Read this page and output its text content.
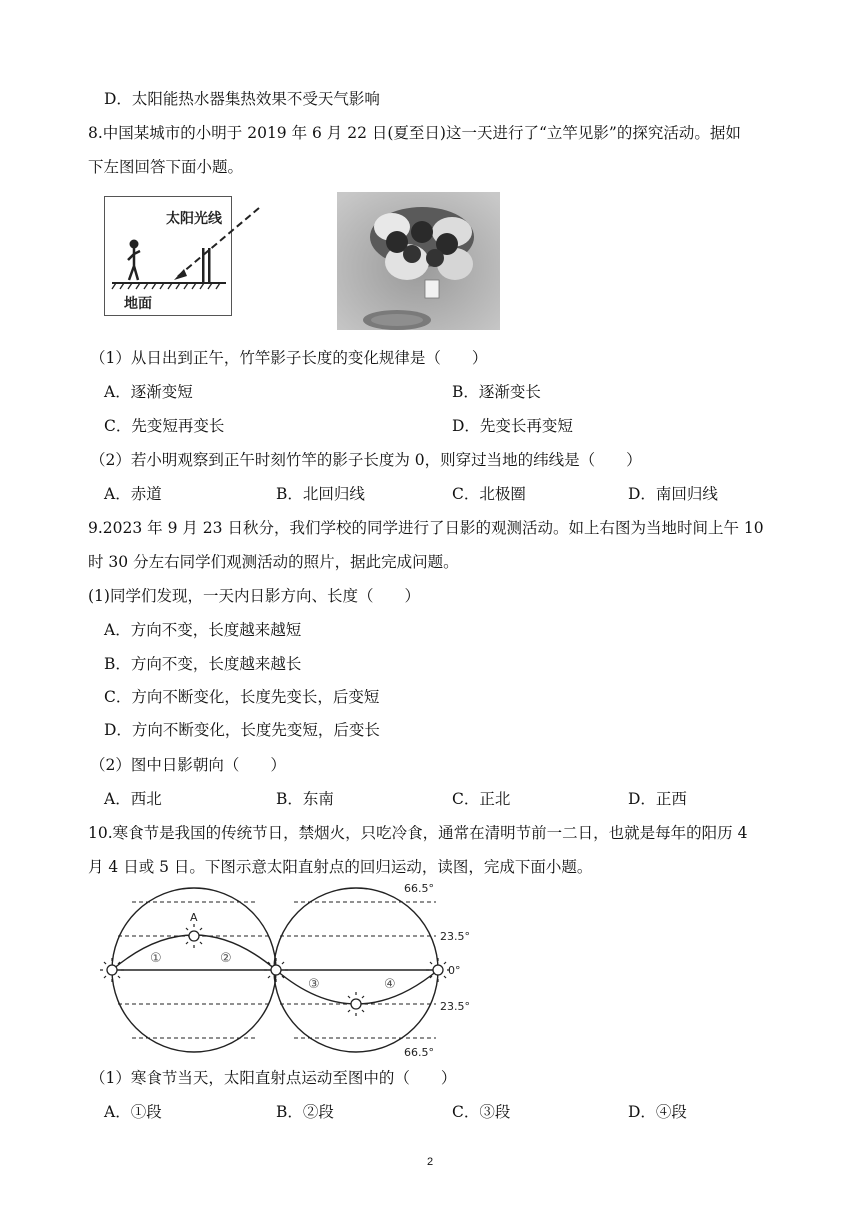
D．太阳能热水器集热效果不受天气影响
8.中国某城市的小明于 2019 年 6 月 22 日(夏至日)这一天进行了“立竿见影”的探究活动。据如
下左图回答下面小题。
太阳光线
地面
（1）从日出到正午，竹竿影子长度的变化规律是（　　）
A．逐渐变短	B．逐渐变长
C．先变短再变长	D．先变长再变短
（2）若小明观察到正午时刻竹竿的影子长度为 0，则穿过当地的纬线是（　　）
A．赤道	B．北回归线	C．北极圈	D．南回归线
9.2023 年 9 月 23 日秋分，我们学校的同学进行了日影的观测活动。如上右图为当地时间上午 10
时 30 分左右同学们观测活动的照片，据此完成问题。
(1)同学们发现，一天内日影方向、长度（　　）
A．方向不变，长度越来越短
B．方向不变，长度越来越长
C．方向不断变化，长度先变长，后变短
D．方向不断变化，长度先变短，后变长
（2）图中日影朝向（　　）
A．西北	B．东南	C．正北	D．正西
10.寒食节是我国的传统节日，禁烟火，只吃冷食，通常在清明节前一二日，也就是每年的阳历 4
月 4 日或 5 日。下图示意太阳直射点的回归运动，读图，完成下面小题。
A
①	②
③	④
66.5°
23.5°
0°
23.5°
66.5°
（1）寒食节当天，太阳直射点运动至图中的（　　）
A．①段	B．②段	C．③段	D．④段
2
